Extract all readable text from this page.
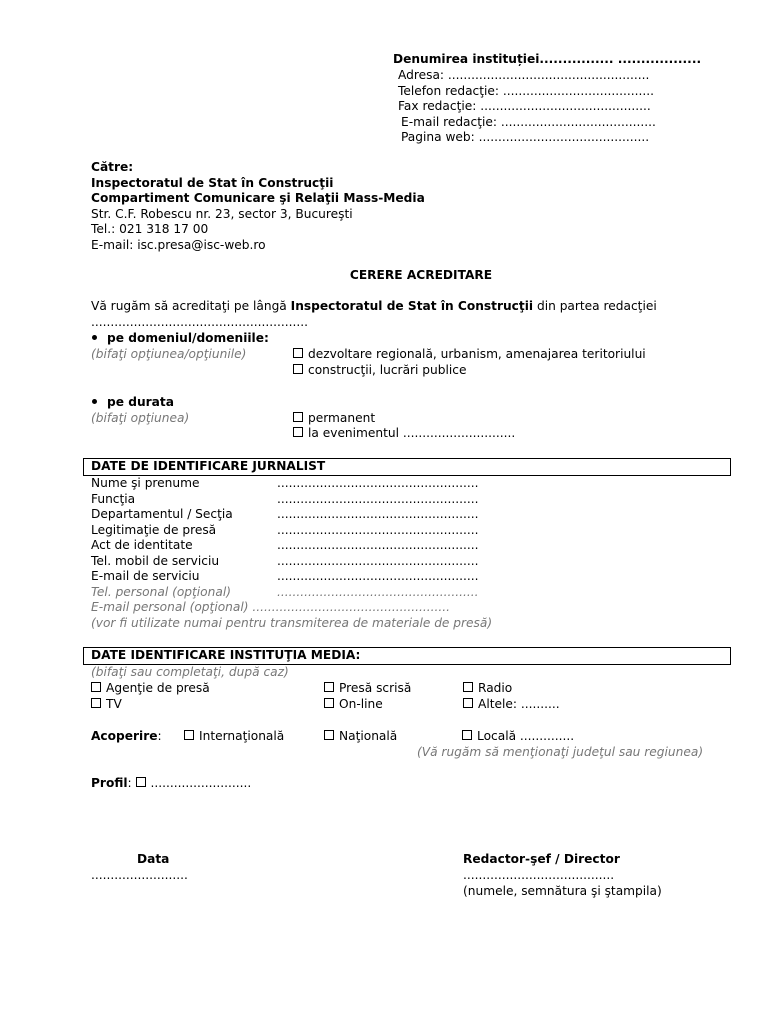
Denumirea instituției................ ..................
Adresa: ....................................................
Telefon redacţie: .......................................
Fax redacţie: ............................................
E-mail redacţie: ........................................
Pagina web: ............................................
Către:
Inspectoratul de Stat în Construcţii
Compartiment Comunicare şi Relaţii Mass-Media
Str. C.F. Robescu nr. 23, sector 3, Bucureşti
Tel.: 021 318 17 00
E-mail: isc.presa@isc-web.ro
CERERE ACREDITARE
Vă rugăm să acreditaţi pe lângă Inspectoratul de Stat în Construcţii din partea redacţiei
........................................................
pe domeniul/domeniile:
(bifaţi opţiunea/opţiunile)	dezvoltare regională, urbanism, amenajarea teritoriului
construcţii, lucrări publice
pe durata
(bifaţi opţiunea)	permanent
la evenimentul .............................
DATE DE IDENTIFICARE JURNALIST
Nume şi prenume	....................................................
Funcţia	....................................................
Departamentul / Secţia	....................................................
Legitimaţie de presă	....................................................
Act de identitate	....................................................
Tel. mobil de serviciu	....................................................
E-mail de serviciu	....................................................
Tel. personal (opţional)	....................................................
E-mail personal (opţional) ...................................................
(vor fi utilizate numai pentru transmiterea de materiale de presă)
DATE IDENTIFICARE INSTITUŢIA MEDIA:
(bifaţi sau completaţi, după caz)
Agenţie de presă	Presă scrisă	Radio
TV	On-line	Altele: ..........
Acoperire:	Internaţională	Naţională	Locală ..............
(Vă rugăm să menţionaţi judeţul sau regiunea)
Profil: ..........................
Data
.........................
Redactor-şef / Director
.......................................
(numele, semnătura şi ştampila)
